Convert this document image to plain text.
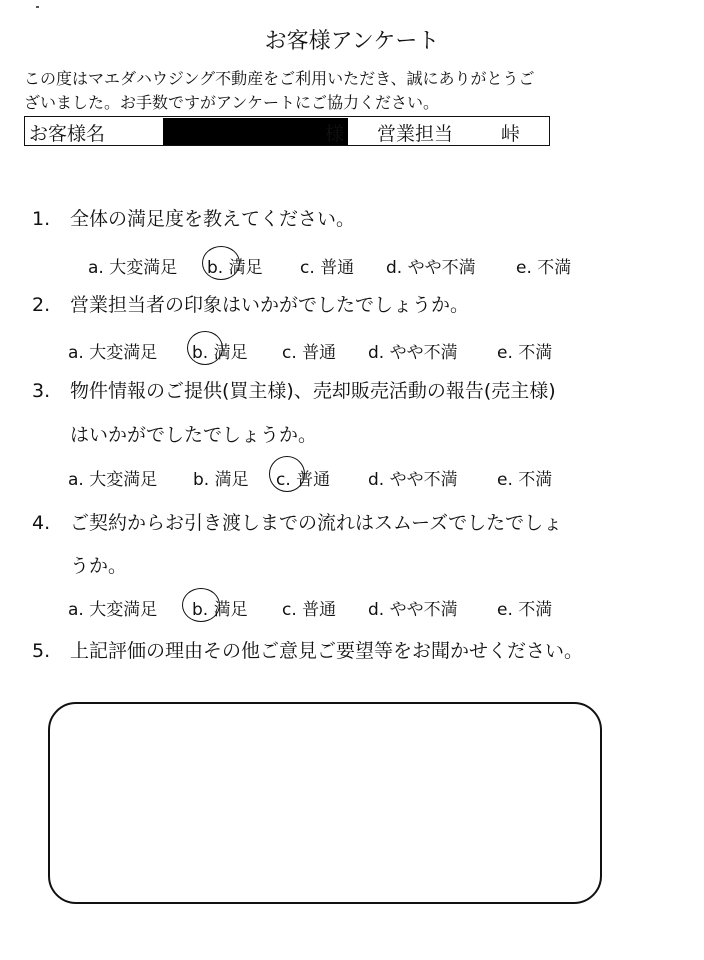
お客様アンケート
この度はマエダハウジング不動産をご利用いただき、誠にありがとうご
ざいました。お手数ですがアンケートにご協力ください。
お客様名	様 営業担当	峠
1. 全体の満足度を教えてください。
a. 大変満足 b. 満足 c. 普通 d. やや不満 e. 不満
2. 営業担当者の印象はいかがでしたでしょうか。
a. 大変満足 b. 満足 c. 普通 d. やや不満 e. 不満
3. 物件情報のご提供(買主様)、売却販売活動の報告(売主様)
はいかがでしたでしょうか。
a. 大変満足 b. 満足 c. 普通 d. やや不満 e. 不満
4. ご契約からお引き渡しまでの流れはスムーズでしたでしょ
うか。
a. 大変満足 b. 満足 c. 普通 d. やや不満 e. 不満
5. 上記評価の理由その他ご意見ご要望等をお聞かせください。
